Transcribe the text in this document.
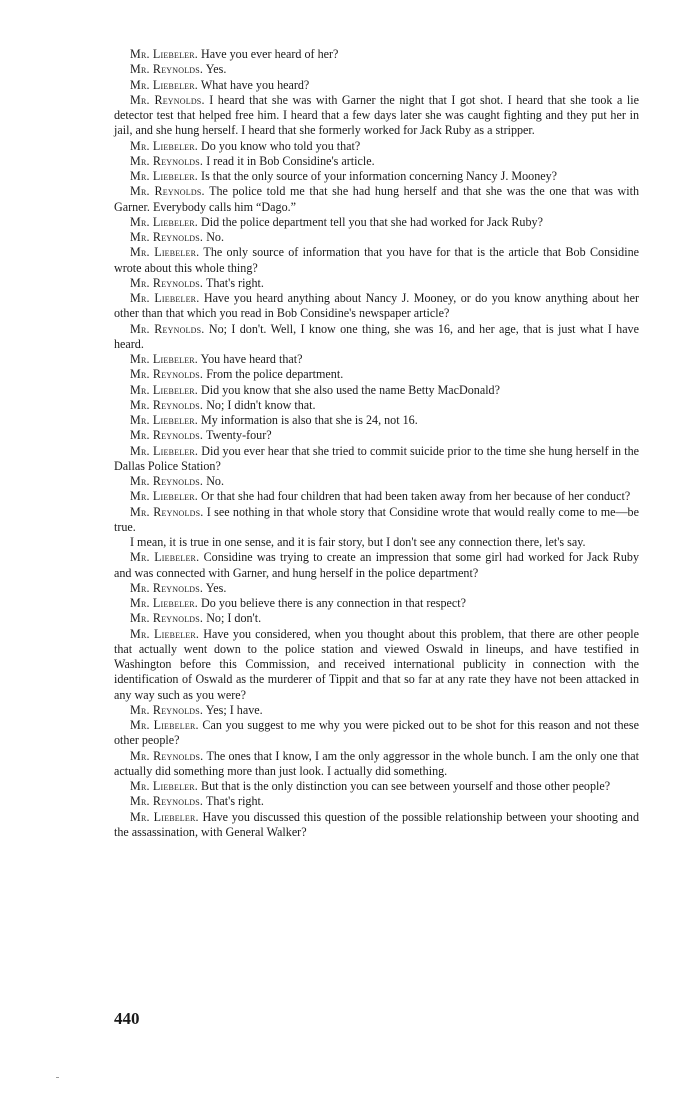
Mr. Liebeler. Have you ever heard of her?

Mr. Reynolds. Yes.

Mr. Liebeler. What have you heard?

Mr. Reynolds. I heard that she was with Garner the night that I got shot. I heard that she took a lie detector test that helped free him. I heard that a few days later she was caught fighting and they put her in jail, and she hung herself. I heard that she formerly worked for Jack Ruby as a stripper.

Mr. Liebeler. Do you know who told you that?

Mr. Reynolds. I read it in Bob Considine's article.

Mr. Liebeler. Is that the only source of your information concerning Nancy J. Mooney?

Mr. Reynolds. The police told me that she had hung herself and that she was the one that was with Garner. Everybody calls him “Dago.”

Mr. Liebeler. Did the police department tell you that she had worked for Jack Ruby?

Mr. Reynolds. No.

Mr. Liebeler. The only source of information that you have for that is the article that Bob Considine wrote about this whole thing?

Mr. Reynolds. That's right.

Mr. Liebeler. Have you heard anything about Nancy J. Mooney, or do you know anything about her other than that which you read in Bob Considine's newspaper article?

Mr. Reynolds. No; I don't. Well, I know one thing, she was 16, and her age, that is just what I have heard.

Mr. Liebeler. You have heard that?

Mr. Reynolds. From the police department.

Mr. Liebeler. Did you know that she also used the name Betty MacDonald?

Mr. Reynolds. No; I didn't know that.

Mr. Liebeler. My information is also that she is 24, not 16.

Mr. Reynolds. Twenty-four?

Mr. Liebeler. Did you ever hear that she tried to commit suicide prior to the time she hung herself in the Dallas Police Station?

Mr. Reynolds. No.

Mr. Liebeler. Or that she had four children that had been taken away from her because of her conduct?

Mr. Reynolds. I see nothing in that whole story that Considine wrote that would really come to me—be true.

I mean, it is true in one sense, and it is fair story, but I don't see any connection there, let's say.

Mr. Liebeler. Considine was trying to create an impression that some girl had worked for Jack Ruby and was connected with Garner, and hung herself in the police department?

Mr. Reynolds. Yes.

Mr. Liebeler. Do you believe there is any connection in that respect?

Mr. Reynolds. No; I don't.

Mr. Liebeler. Have you considered, when you thought about this problem, that there are other people that actually went down to the police station and viewed Oswald in lineups, and have testified in Washington before this Commission, and received international publicity in connection with the identification of Oswald as the murderer of Tippit and that so far at any rate they have not been attacked in any way such as you were?

Mr. Reynolds. Yes; I have.

Mr. Liebeler. Can you suggest to me why you were picked out to be shot for this reason and not these other people?

Mr. Reynolds. The ones that I know, I am the only aggressor in the whole bunch. I am the only one that actually did something more than just look. I actually did something.

Mr. Liebeler. But that is the only distinction you can see between yourself and those other people?

Mr. Reynolds. That's right.

Mr. Liebeler. Have you discussed this question of the possible relationship between your shooting and the assassination, with General Walker?

440
